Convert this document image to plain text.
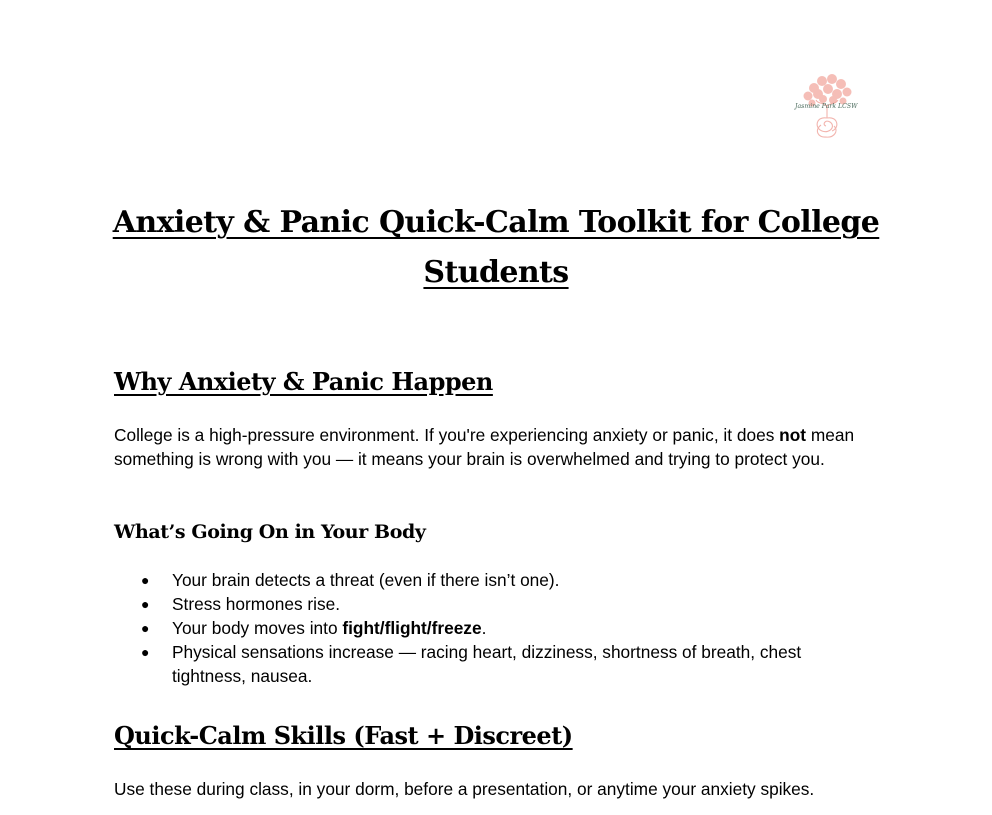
Jasmine Park LCSW
Anxiety & Panic Quick-Calm Toolkit for College Students
Why Anxiety & Panic Happen

College is a high-pressure environment. If you're experiencing anxiety or panic, it does not mean something is wrong with you — it means your brain is overwhelmed and trying to protect you.

What’s Going On in Your Body
● Your brain detects a threat (even if there isn’t one).
● Stress hormones rise.
● Your body moves into fight/flight/freeze.
● Physical sensations increase — racing heart, dizziness, shortness of breath, chest tightness, nausea.
Quick-Calm Skills (Fast + Discreet)

Use these during class, in your dorm, before a presentation, or anytime your anxiety spikes.
